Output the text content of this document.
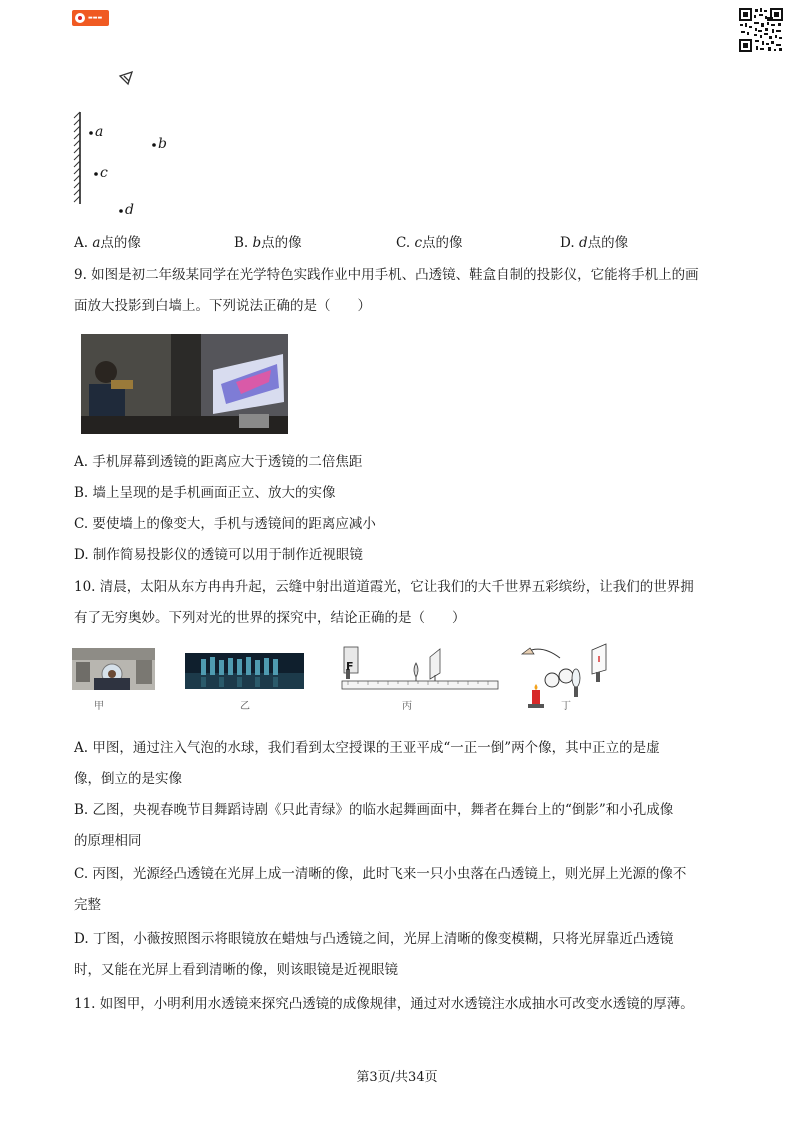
▬▬▬
a
b
c
d
A. a点的像	B. b点的像	C. c点的像	D. d点的像
9. 如图是初二年级某同学在光学特色实践作业中用手机、凸透镜、鞋盒自制的投影仪，它能将手机上的画
面放大投影到白墙上。下列说法正确的是（　　）
A. 手机屏幕到透镜的距离应大于透镜的二倍焦距
B. 墙上呈现的是手机画面正立、放大的实像
C. 要使墙上的像变大，手机与透镜间的距离应减小
D. 制作简易投影仪的透镜可以用于制作近视眼镜
10. 清晨，太阳从东方冉冉升起，云缝中射出道道霞光，它让我们的大千世界五彩缤纷，让我们的世界拥
有了无穷奥妙。下列对光的世界的探究中，结论正确的是（　　）
F
甲	乙	丙	丁
A. 甲图，通过注入气泡的水球，我们看到太空授课的王亚平成“一正一倒”两个像，其中正立的是虚
像，倒立的是实像
B. 乙图，央视春晚节目舞蹈诗剧《只此青绿》的临水起舞画面中，舞者在舞台上的“倒影”和小孔成像
的原理相同
C. 丙图，光源经凸透镜在光屏上成一清晰的像，此时飞来一只小虫落在凸透镜上，则光屏上光源的像不
完整
D. 丁图，小薇按照图示将眼镜放在蜡烛与凸透镜之间，光屏上清晰的像变模糊，只将光屏靠近凸透镜
时，又能在光屏上看到清晰的像，则该眼镜是近视眼镜
11. 如图甲，小明利用水透镜来探究凸透镜的成像规律，通过对水透镜注水成抽水可改变水透镜的厚薄。
第3页/共34页
